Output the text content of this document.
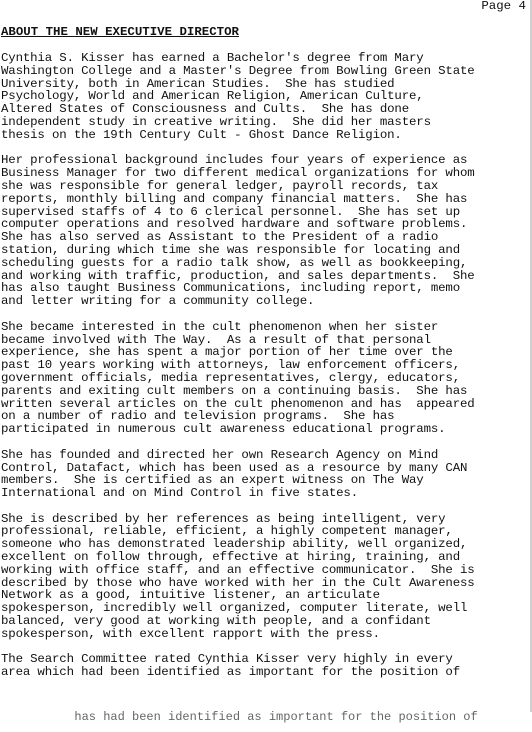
Page 4
ABOUT THE NEW EXECUTIVE DIRECTOR
Cynthia S. Kisser has earned a Bachelor's degree from Mary
Washington College and a Master's Degree from Bowling Green State
University, both in American Studies.  She has studied
Psychology, World and American Religion, American Culture,
Altered States of Consciousness and Cults.  She has done
independent study in creative writing.  She did her masters
thesis on the 19th Century Cult - Ghost Dance Religion.
Her professional background includes four years of experience as
Business Manager for two different medical organizations for whom
she was responsible for general ledger, payroll records, tax
reports, monthly billing and company financial matters.  She has
supervised staffs of 4 to 6 clerical personnel.  She has set up
computer operations and resolved hardware and software problems.
She has also served as Assistant to the President of a radio
station, during which time she was responsible for locating and
scheduling guests for a radio talk show, as well as bookkeeping,
and working with traffic, production, and sales departments.  She
has also taught Business Communications, including report, memo
and letter writing for a community college.
She became interested in the cult phenomenon when her sister
became involved with The Way.  As a result of that personal
experience, she has spent a major portion of her time over the
past 10 years working with attorneys, law enforcement officers,
government officials, media representatives, clergy, educators,
parents and exiting cult members on a continuing basis.  She has
written several articles on the cult phenomenon and has  appeared
on a number of radio and television programs.  She has
participated in numerous cult awareness educational programs.
She has founded and directed her own Research Agency on Mind
Control, Datafact, which has been used as a resource by many CAN
members.  She is certified as an expert witness on The Way
International and on Mind Control in five states.
She is described by her references as being intelligent, very
professional, reliable, efficient, a highly competent manager,
someone who has demonstrated leadership ability, well organized,
excellent on follow through, effective at hiring, training, and
working with office staff, and an effective communicator.  She is
described by those who have worked with her in the Cult Awareness
Network as a good, intuitive listener, an articulate
spokesperson, incredibly well organized, computer literate, well
balanced, very good at working with people, and a confidant
spokesperson, with excellent rapport with the press.
The Search Committee rated Cynthia Kisser very highly in every
area which had been identified as important for the position of

has had been identified as important for the position of
